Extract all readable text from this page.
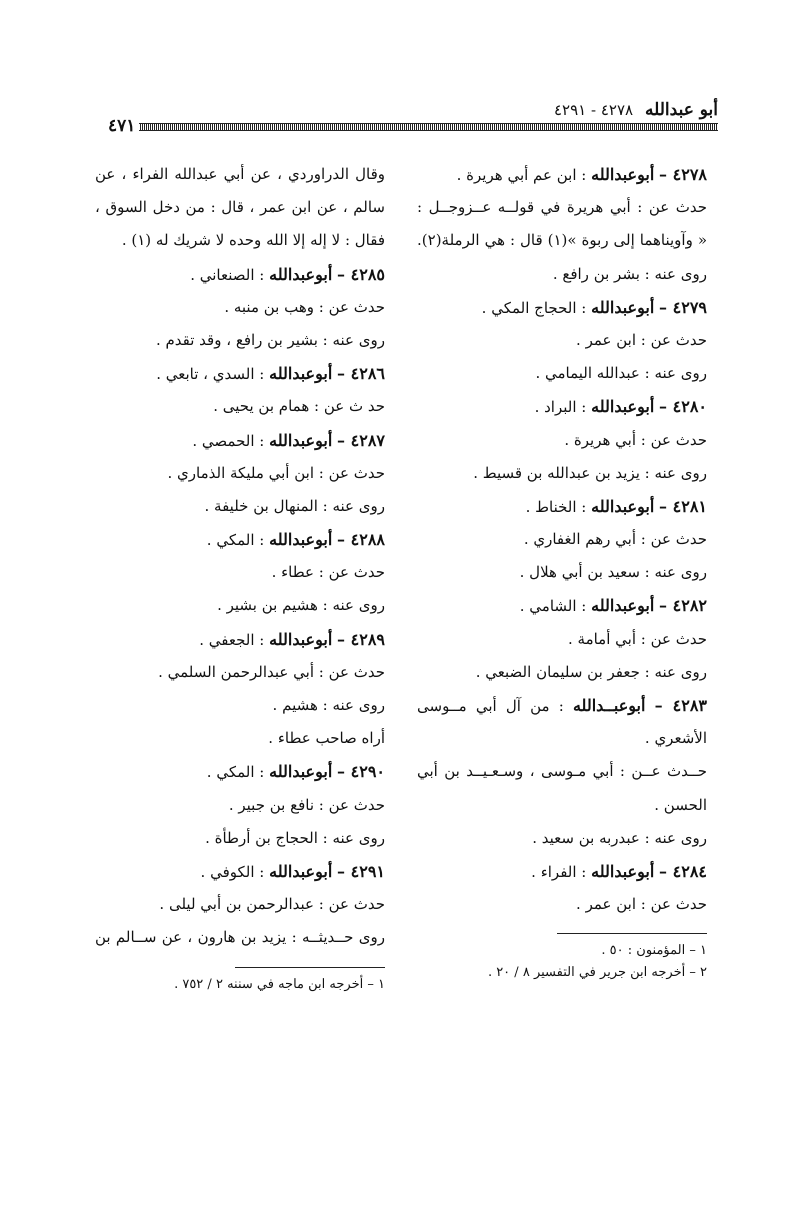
أبو عبدالله ٤٢٧٨ - ٤٢٩١
٤٧١
٤٢٧٨ – أبوعبدالله : ابن عم أبي هريرة .
حدث عن : أبي هريرة في قولــه عــزوجــل :
« وآويناهما إلى ربوة »(١) قال : هي الرملة(٢).
روى عنه : بشر بن رافع .
٤٢٧٩ – أبوعبدالله : الحجاج المكي .
حدث عن : ابن عمر .
روى عنه : عبدالله اليمامي .
٤٢٨٠ – أبوعبدالله : البراد .
حدث عن : أبي هريرة .
روى عنه : يزيد بن عبدالله بن قسيط .
٤٢٨١ – أبوعبدالله : الخناط .
حدث عن : أبي رهم الغفاري .
روى عنه : سعيد بن أبي هلال .
٤٢٨٢ – أبوعبدالله : الشامي .
حدث عن : أبي أمامة .
روى عنه : جعفر بن سليمان الضبعي .
٤٢٨٣ – أبوعبــدالله : من آل أبي مــوسى
الأشعري .
حــدث عــن : أبي مـوسى ، وسـعـيــد بن أبي
الحسن .
روى عنه : عبدربه بن سعيد .
٤٢٨٤ – أبوعبدالله : الفراء .
حدث عن : ابن عمر .
١ – المؤمنون : ٥٠ .
٢ – أخرجه ابن جرير في التفسير ٨ / ٢٠ .
وقال الدراوردي ، عن أبي عبدالله الفراء ، عن
سالم ، عن ابن عمر ، قال : من دخل السوق ،
فقال : لا إله إلا الله وحده لا شريك له (١) .
٤٢٨٥ – أبوعبدالله : الصنعاني .
حدث عن : وهب بن منبه .
روى عنه : بشير بن رافع ، وقد تقدم .
٤٢٨٦ – أبوعبدالله : السدي ، تابعي .
حد ث عن : همام بن يحيى .
٤٢٨٧ – أبوعبدالله : الحمصي .
حدث عن : ابن أبي مليكة الذماري .
روى عنه : المنهال بن خليفة .
٤٢٨٨ – أبوعبدالله : المكي .
حدث عن : عطاء .
روى عنه : هشيم بن بشير .
٤٢٨٩ – أبوعبدالله : الجعفي .
حدث عن : أبي عبدالرحمن السلمي .
روى عنه : هشيم .
أراه صاحب عطاء .
٤٢٩٠ – أبوعبدالله : المكي .
حدث عن : نافع بن جبير .
روى عنه : الحجاج بن أرطأة .
٤٢٩١ – أبوعبدالله : الكوفي .
حدث عن : عبدالرحمن بن أبي ليلى .
روى حــديثــه : يزيد بن هارون ، عن ســالم بن
١ – أخرجه ابن ماجه في سننه ٢ / ٧٥٢ .
